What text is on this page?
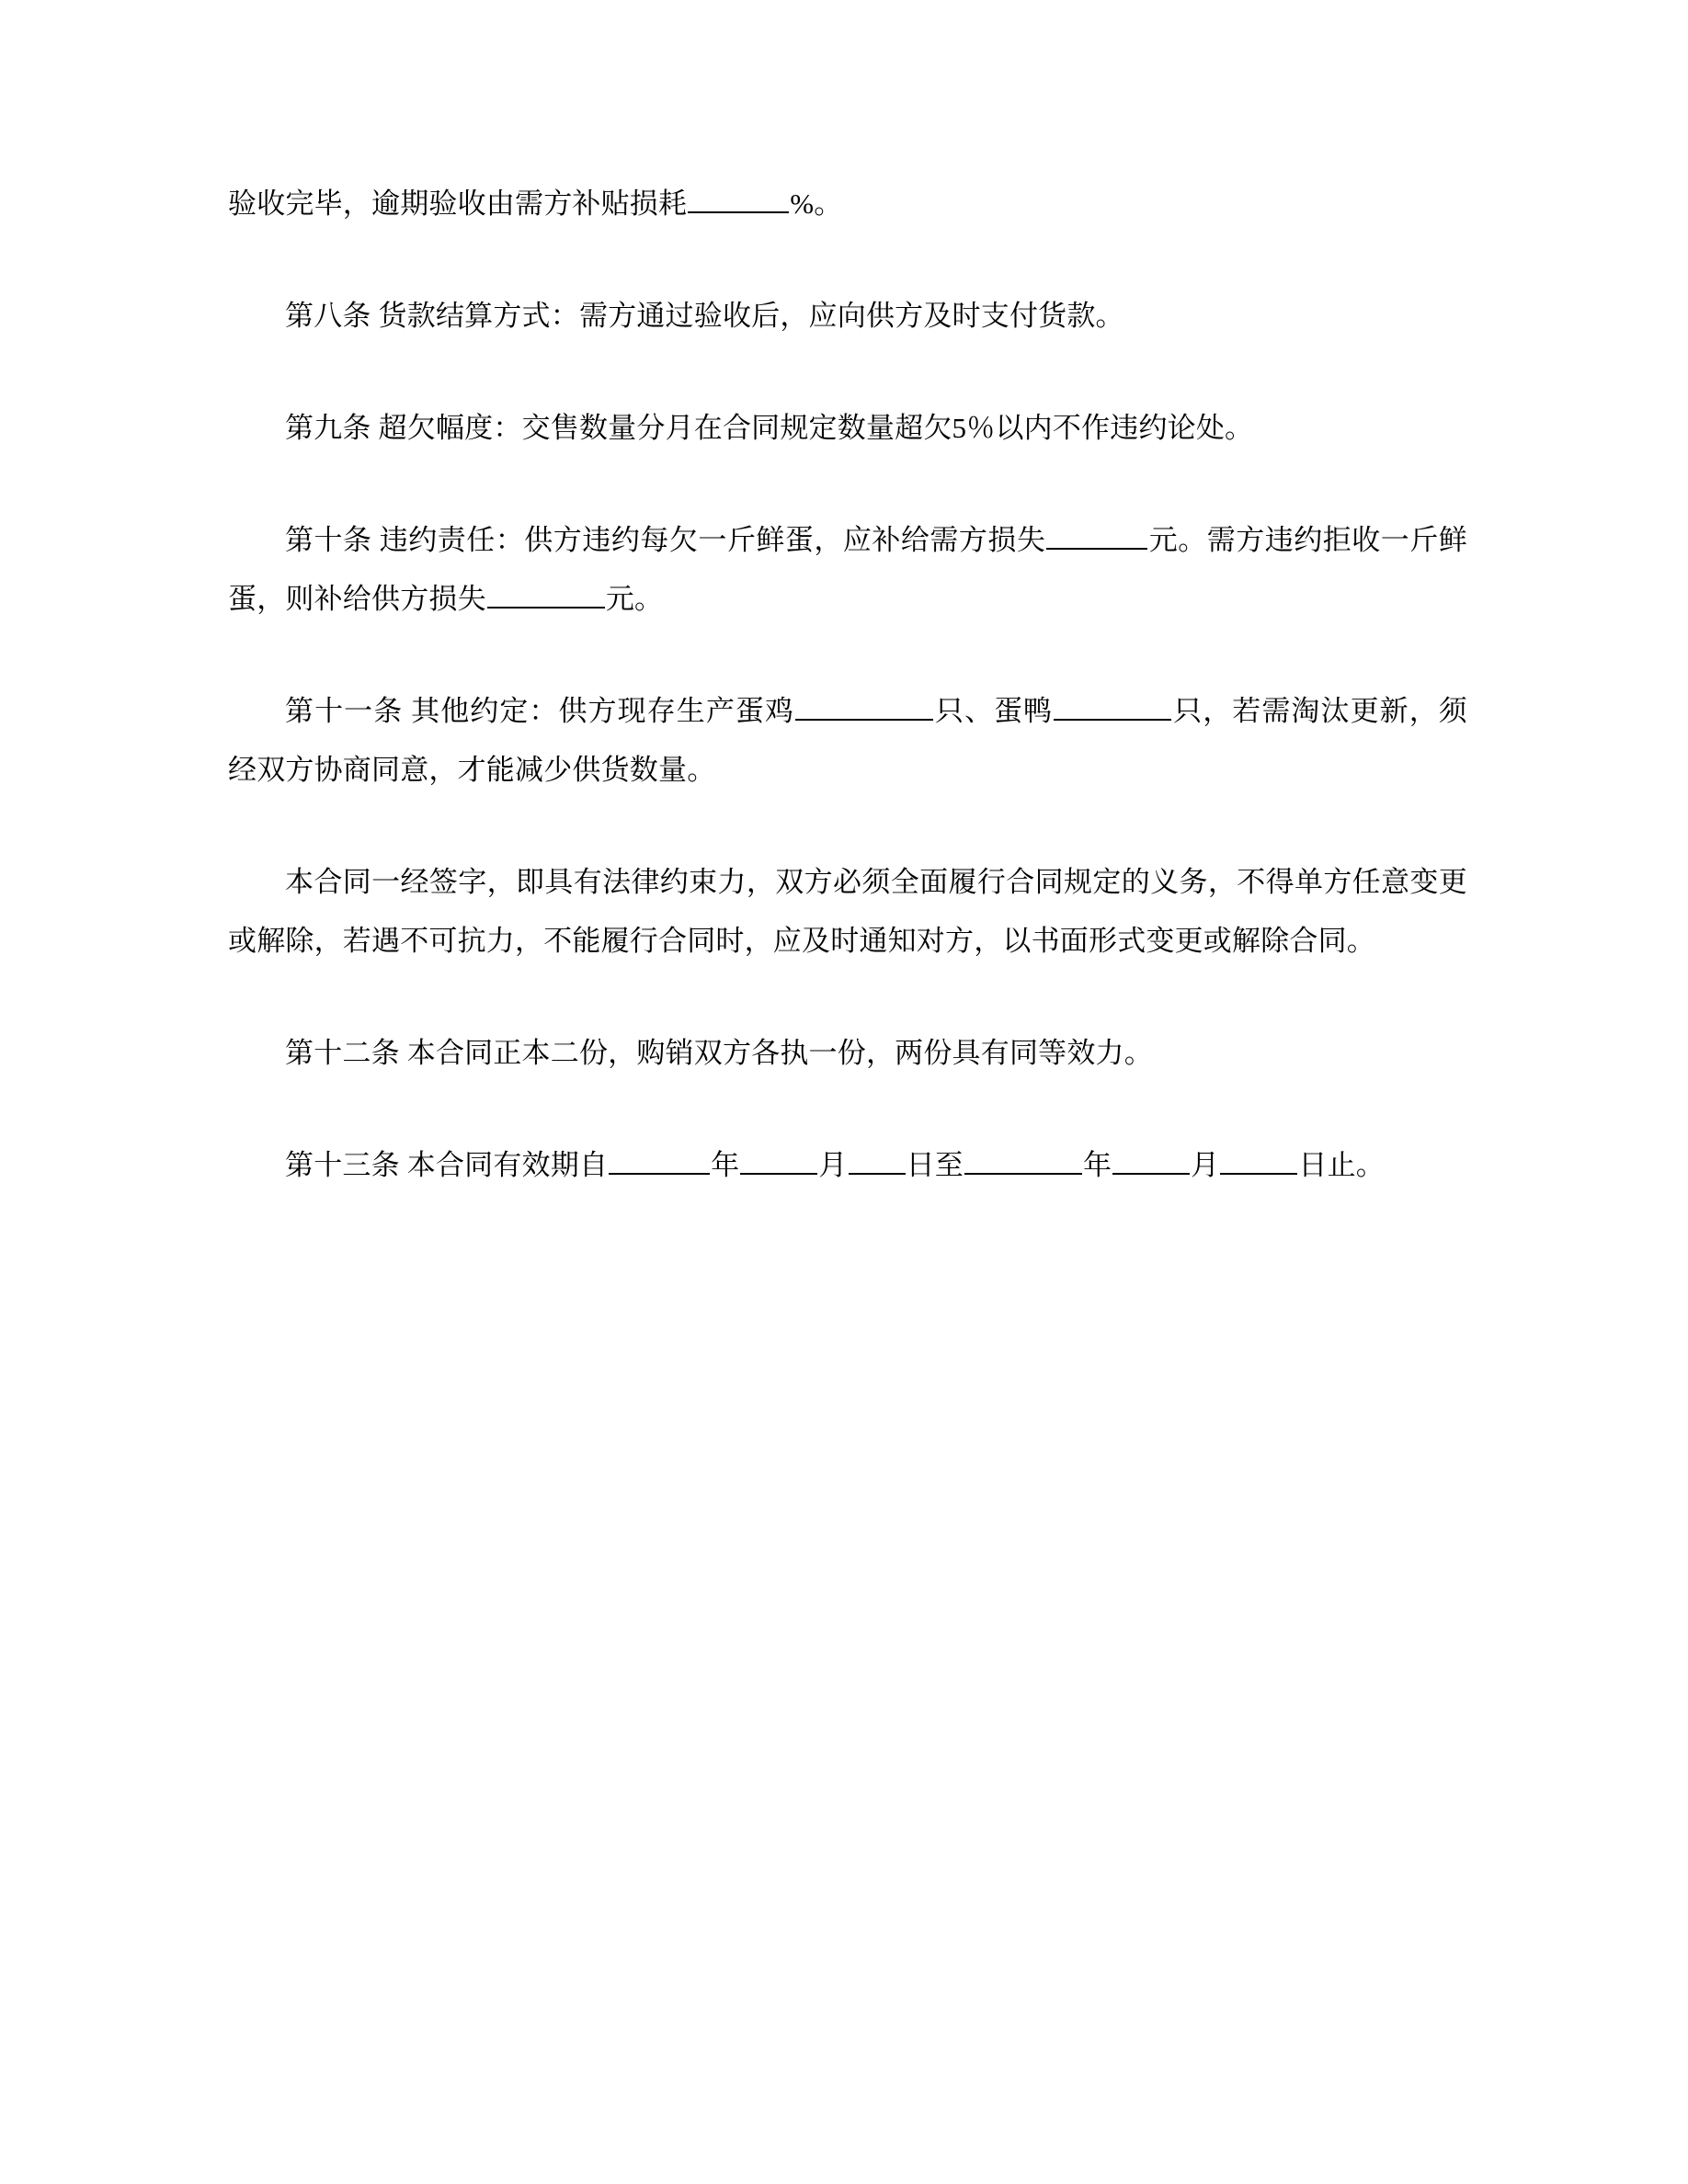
验收完毕，逾期验收由需方补贴损耗	%。

第八条 货款结算方式：需方通过验收后，应向供方及时支付货款。

第九条 超欠幅度：交售数量分月在合同规定数量超欠5％以内不作违约论处。

第十条 违约责任：供方违约每欠一斤鲜蛋，应补给需方损失	元。需方违约拒收一斤鲜蛋，则补给供方损失	元。

第十一条 其他约定：供方现存生产蛋鸡	只、蛋鸭	只，若需淘汰更新，须经双方协商同意，才能减少供货数量。

本合同一经签字，即具有法律约束力，双方必须全面履行合同规定的义务，不得单方任意变更或解除，若遇不可抗力，不能履行合同时，应及时通知对方，以书面形式变更或解除合同。

第十二条 本合同正本二份，购销双方各执一份，两份具有同等效力。

第十三条 本合同有效期自	年	月 日至	年	月	日止。
